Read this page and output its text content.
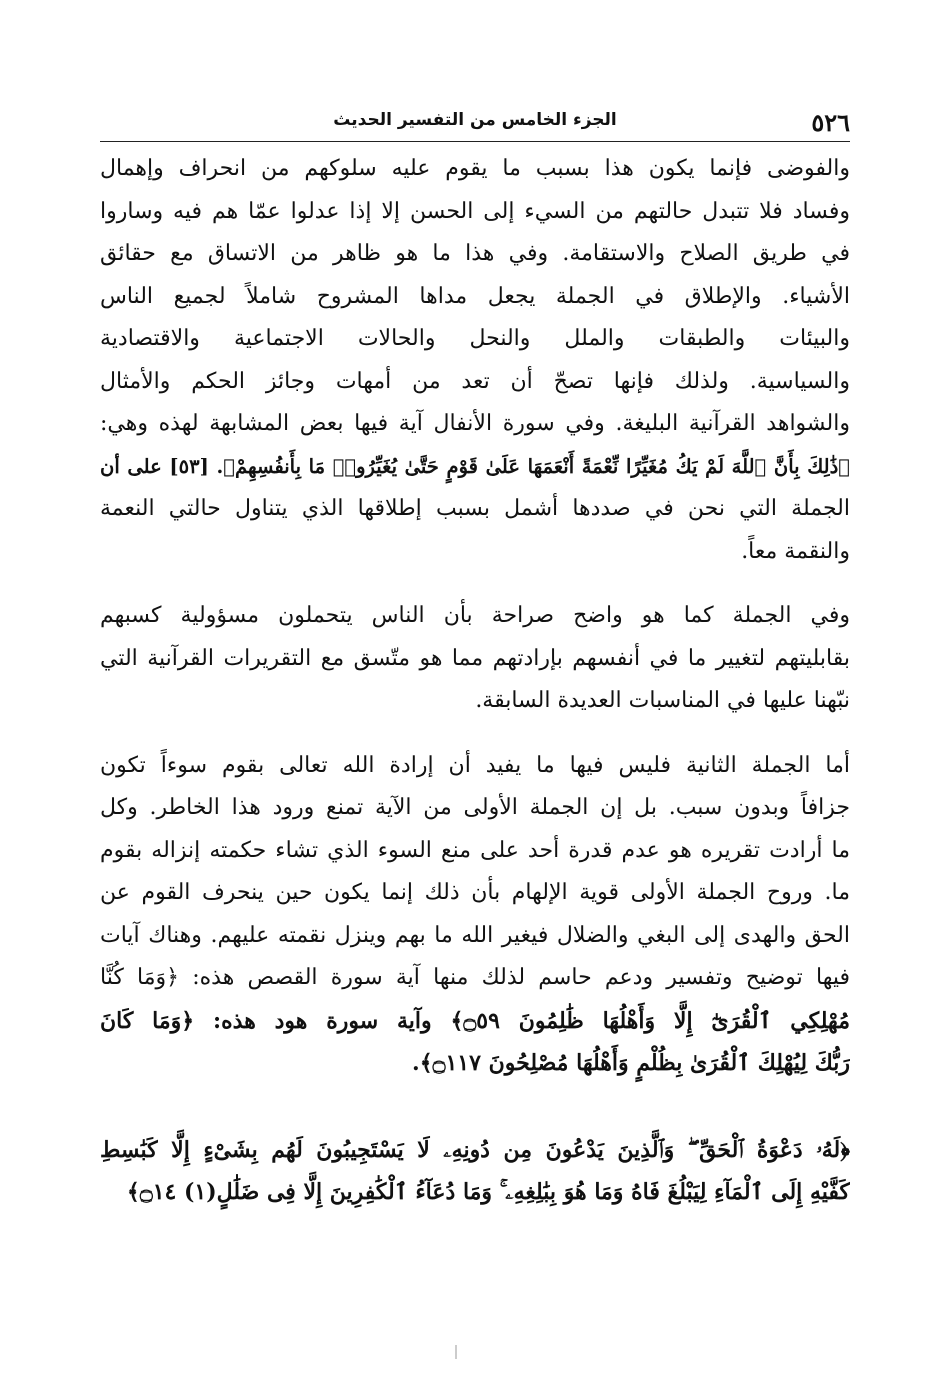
٥٢٦
الجزء الخامس من التفسير الحديث
والفوضى فإنما يكون هذا بسبب ما يقوم عليه سلوكهم من انحراف وإهمال
وفساد فلا تتبدل حالتهم من السيء إلى الحسن إلا إذا عدلوا عمّا هم فيه وساروا
في طريق الصلاح والاستقامة. وفي هذا ما هو ظاهر من الاتساق مع حقائق
الأشياء. والإطلاق في الجملة يجعل مداها المشروح شاملاً لجميع الناس
والبيئات والطبقات والملل والنحل والحالات الاجتماعية والاقتصادية
والسياسية. ولذلك فإنها تصحّ أن تعد من أمهات وجائز الحكم والأمثال
والشواهد القرآنية البليغة. وفي سورة الأنفال آية فيها بعض المشابهة لهذه وهي:
﴿ذَٰلِكَ بِأَنَّ ٱللَّهَ لَمْ يَكُ مُغَيِّرًا نِّعْمَةً أَنْعَمَهَا عَلَىٰ قَوْمٍ حَتَّىٰ يُغَيِّرُوا۟ مَا بِأَنفُسِهِمْ﴾. [٥٣] على أن
الجملة التي نحن في صددها أشمل بسبب إطلاقها الذي يتناول حالتي النعمة
والنقمة معاً.
وفي الجملة كما هو واضح صراحة بأن الناس يتحملون مسؤولية كسبهم
بقابليتهم لتغيير ما في أنفسهم بإرادتهم مما هو متّسق مع التقريرات القرآنية التي
نبّهنا عليها في المناسبات العديدة السابقة.
أما الجملة الثانية فليس فيها ما يفيد أن إرادة الله تعالى بقوم سوءاً تكون
جزافاً وبدون سبب. بل إن الجملة الأولى من الآية تمنع ورود هذا الخاطر. وكل
ما أرادت تقريره هو عدم قدرة أحد على منع السوء الذي تشاء حكمته إنزاله بقوم
ما. وروح الجملة الأولى قوية الإلهام بأن ذلك إنما يكون حين ينحرف القوم عن
الحق والهدى إلى البغي والضلال فيغير الله ما بهم وينزل نقمته عليهم. وهناك آيات
فيها توضيح وتفسير ودعم حاسم لذلك منها آية سورة القصص هذه: ﴿وَمَا كُنَّا
مُهْلِكِي ٱلْقُرَىٰٓ إِلَّا وَأَهْلُهَا ظَٰلِمُونَ ۝٥٩﴾ وآية سورة هود هذه: ﴿وَمَا كَانَ
رَبُّكَ لِيُهْلِكَ ٱلْقُرَىٰ بِظُلْمٍ وَأَهْلُهَا مُصْلِحُونَ ۝١١٧﴾.
﴿لَهُۥ دَعْوَةُ ٱلْحَقِّ ۖ وَٱلَّذِينَ يَدْعُونَ مِن دُونِهِۦ لَا يَسْتَجِيبُونَ لَهُم بِشَىْءٍ إِلَّا كَبَٰسِطِ
كَفَّيْهِ إِلَى ٱلْمَآءِ لِيَبْلُغَ فَاهُ وَمَا هُوَ بِبَٰلِغِهِۦ ۚ وَمَا دُعَآءُ ٱلْكَٰفِرِينَ إِلَّا فِى ضَلَٰلٍ(١) ۝١٤﴾
